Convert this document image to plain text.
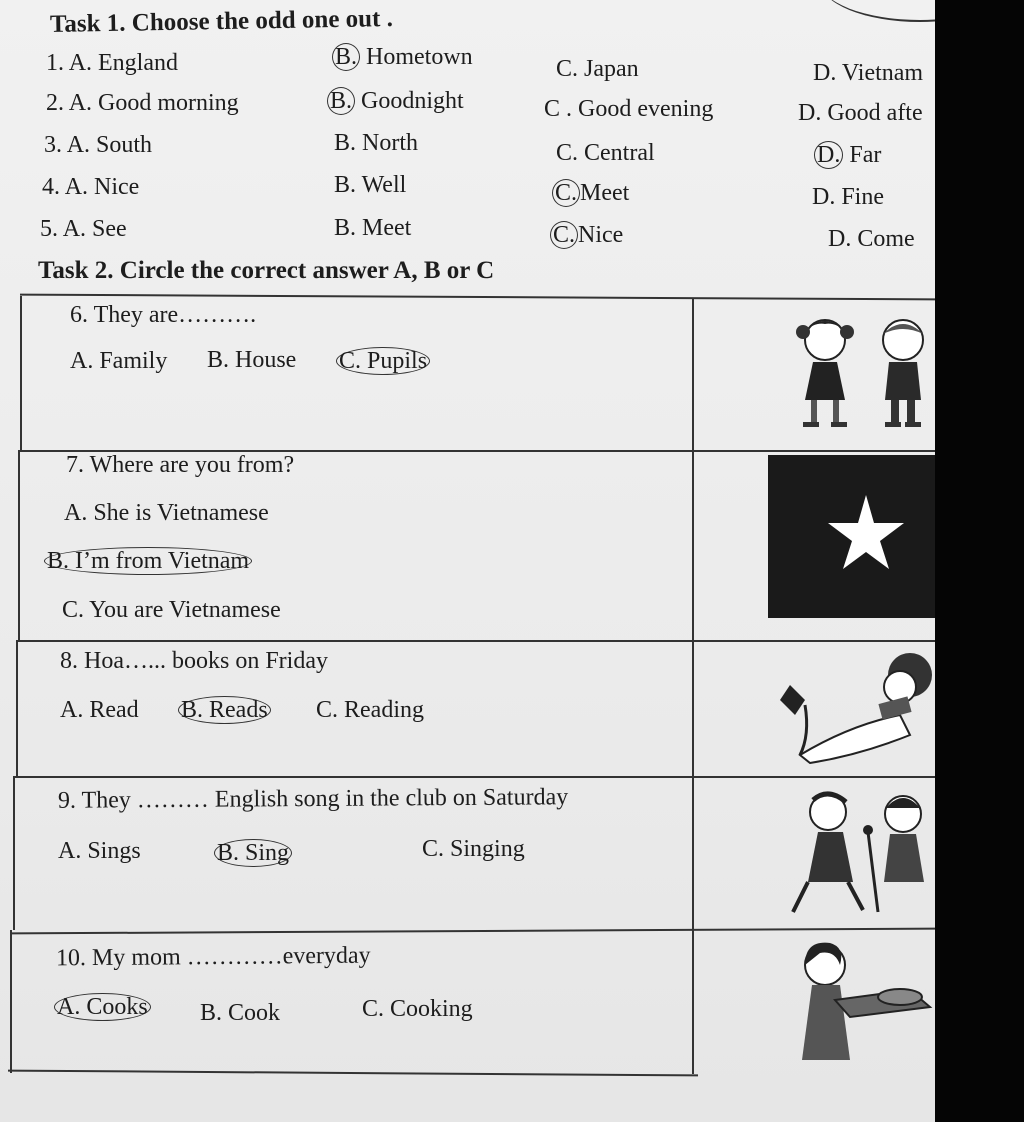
Task 1. Choose the odd one out .
1. A. England	B. Hometown	C. Japan	D. Vietnam
2. A. Good morning	B. Goodnight	C . Good evening	D. Good afte
3. A. South	B. North	C. Central	D. Far
4. A. Nice	B. Well	C. Meet	D. Fine
5. A. See	B. Meet	C. Nice	D. Come
Task 2. Circle the correct answer A, B or C
6. They are……….
A. Family B. House C. Pupils
7. Where are you from?
A. She is Vietnamese
B. I’m from Vietnam
C. You are Vietnamese
8. Hoa…... books on Friday
A. Read B. Reads C. Reading
9. They ……… English song in the club on Saturday
A. Sings	B. Sing	C. Singing
10. My mom …………everyday
A. Cooks B. Cook	C. Cooking
